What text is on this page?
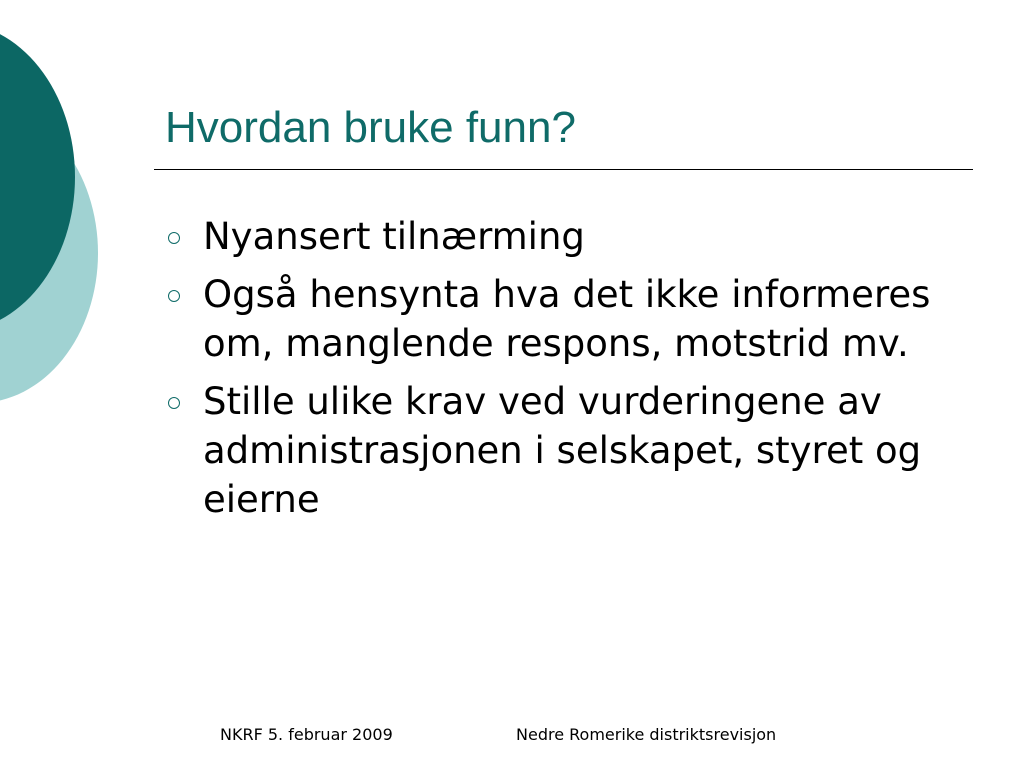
Hvordan bruke funn?
Nyansert tilnærming
Også hensynta hva det ikke informeres om, manglende respons, motstrid mv.
Stille ulike krav ved vurderingene av administrasjonen i selskapet, styret og eierne
NKRF 5. februar 2009	Nedre Romerike distriktsrevisjon
